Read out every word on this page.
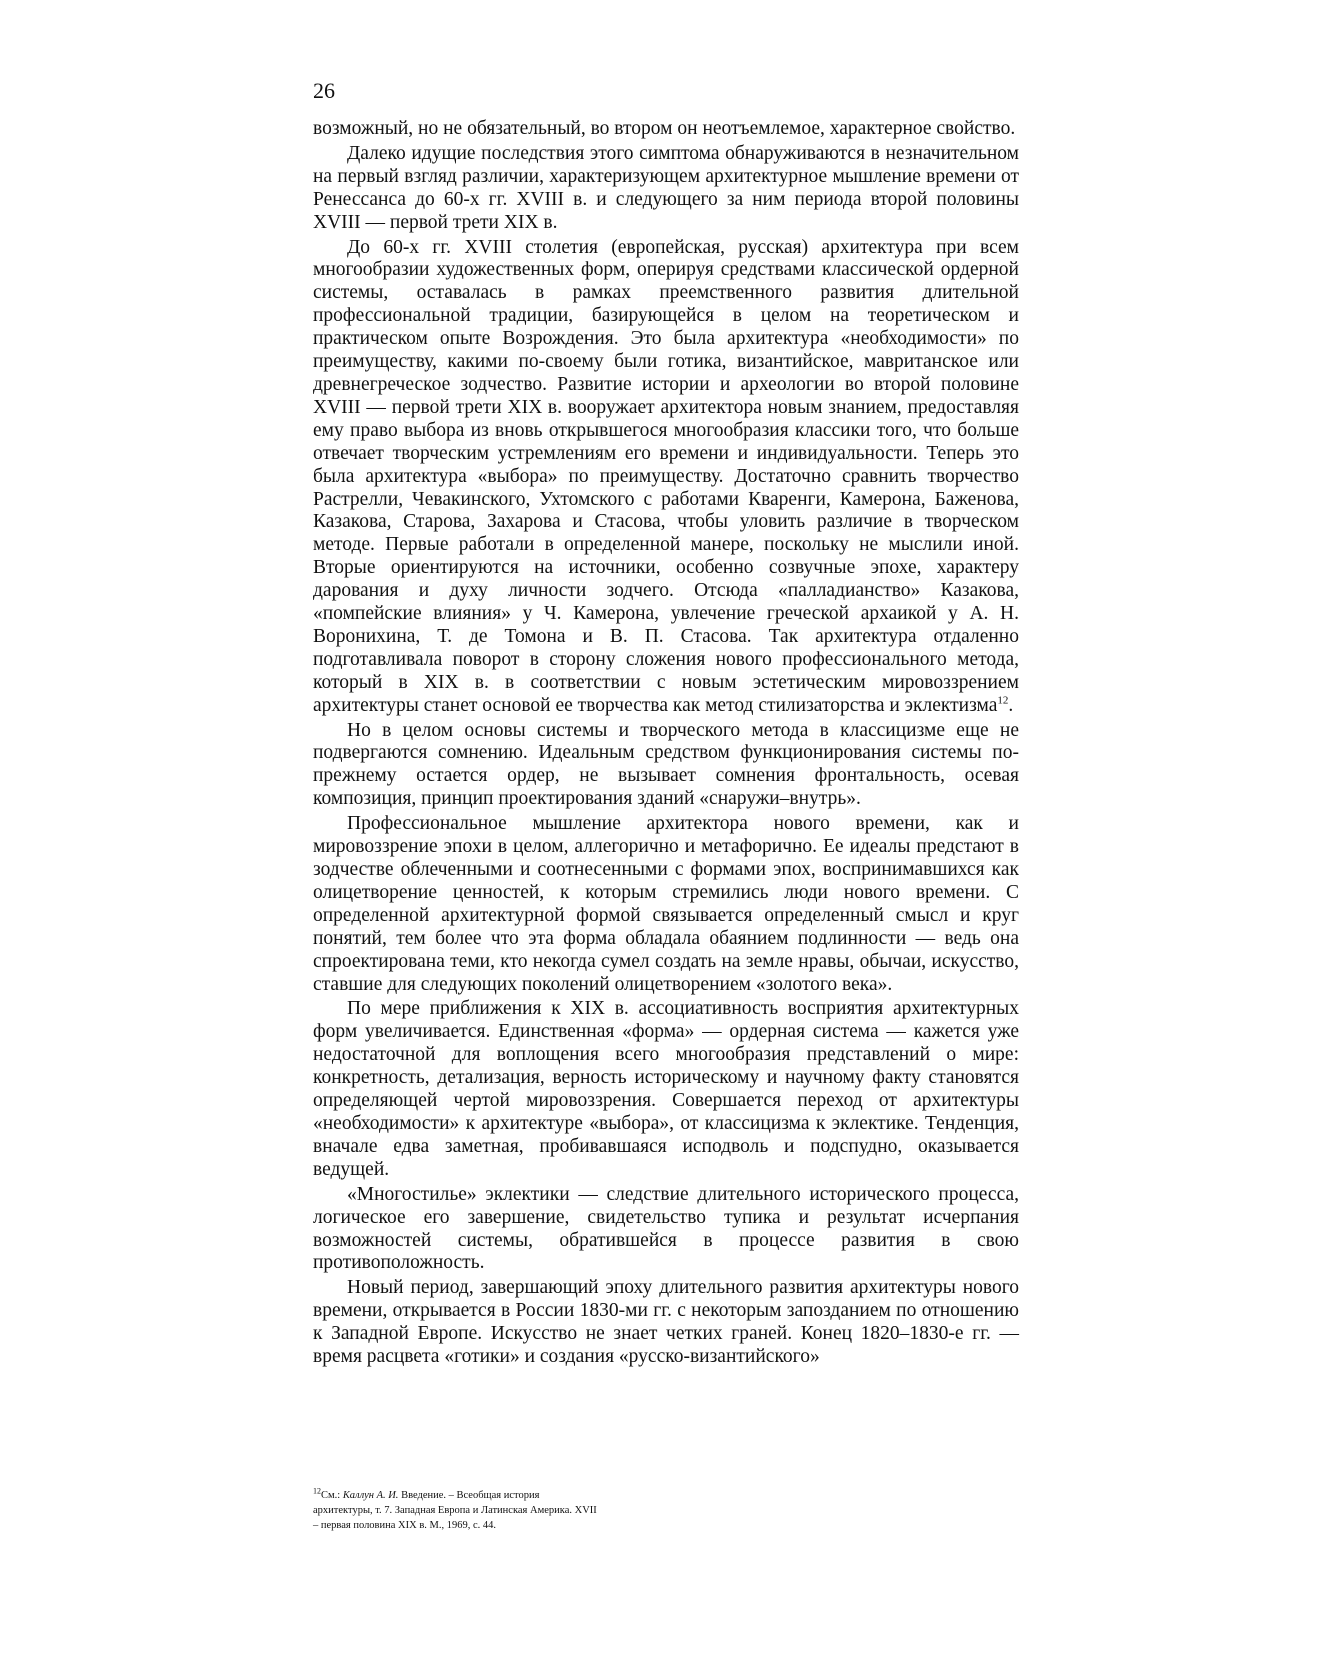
26

возможный, но не обязательный, во втором он неотъемлемое, характерное свойство.

Далеко идущие последствия этого симптома обнаруживаются в незначительном на первый взгляд различии, характеризующем архитектурное мышление времени от Ренессанса до 60-х гг. XVIII в. и следующего за ним периода второй половины XVIII — первой трети XIX в.

До 60-х гг. XVIII столетия (европейская, русская) архитектура при всем многообразии художественных форм, оперируя средствами классической ордерной системы, оставалась в рамках преемственного развития длительной профессиональной традиции, базирующейся в целом на теоретическом и практическом опыте Возрождения. Это была архитектура «необходимости» по преимуществу, какими по-своему были готика, византийское, мавританское или древнегреческое зодчество. Развитие истории и археологии во второй половине XVIII — первой трети XIX в. вооружает архитектора новым знанием, предоставляя ему право выбора из вновь открывшегося многообразия классики того, что больше отвечает творческим устремлениям его времени и индивидуальности. Теперь это была архитектура «выбора» по преимуществу. Достаточно сравнить творчество Растрелли, Чевакинского, Ухтомского с работами Кваренги, Камерона, Баженова, Казакова, Старова, Захарова и Стасова, чтобы уловить различие в творческом методе. Первые работали в определенной манере, поскольку не мыслили иной. Вторые ориентируются на источники, особенно созвучные эпохе, характеру дарования и духу личности зодчего. Отсюда «палладианство» Казакова, «помпейские влияния» у Ч. Камерона, увлечение греческой архаикой у А. Н. Воронихина, Т. де Томона и В. П. Стасова. Так архитектура отдаленно подготавливала поворот в сторону сложения нового профессионального метода, который в XIX в. в соответствии с новым эстетическим мировоззрением архитектуры станет основой ее творчества как метод стилизаторства и эклектизма$^{12}$.

Но в целом основы системы и творческого метода в классицизме еще не подвергаются сомнению. Идеальным средством функционирования системы по-прежнему остается ордер, не вызывает сомнения фронтальность, осевая композиция, принцип проектирования зданий «снаружи–внутрь».

Профессиональное мышление архитектора нового времени, как и мировоззрение эпохи в целом, аллегорично и метафорично. Ее идеалы предстают в зодчестве облеченными и соотнесенными с формами эпох, воспринимавшихся как олицетворение ценностей, к которым стремились люди нового времени. С определенной архитектурной формой связывается определенный смысл и круг понятий, тем более что эта форма обладала обаянием подлинности — ведь она спроектирована теми, кто некогда сумел создать на земле нравы, обычаи, искусство, ставшие для следующих поколений олицетворением «золотого века».

По мере приближения к XIX в. ассоциативность восприятия архитектурных форм увеличивается. Единственная «форма» — ордерная система — кажется уже недостаточной для воплощения всего многообразия представлений о мире: конкретность, детализация, верность историческому и научному факту становятся определяющей чертой мировоззрения. Совершается переход от архитектуры «необходимости» к архитектуре «выбора», от классицизма к эклектике. Тенденция, вначале едва заметная, пробивавшаяся исподволь и подспудно, оказывается ведущей.

«Многостилье» эклектики — следствие длительного исторического процесса, логическое его завершение, свидетельство тупика и результат исчерпания возможностей системы, обратившейся в процессе развития в свою противоположность.

Новый период, завершающий эпоху длительного развития архитектуры нового времени, открывается в России 1830-ми гг. с некоторым запозданием по отношению к Западной Европе. Искусство не знает четких граней. Конец 1820–1830-е гг. — время расцвета «готики» и создания «русско-византийского»

$^{12}$См.: Каллун А. И. Введение. – Всеобщая история архитектуры, т. 7. Западная Европа и Латинская Америка. XVII – первая половина XIX в. М., 1969, с. 44.
